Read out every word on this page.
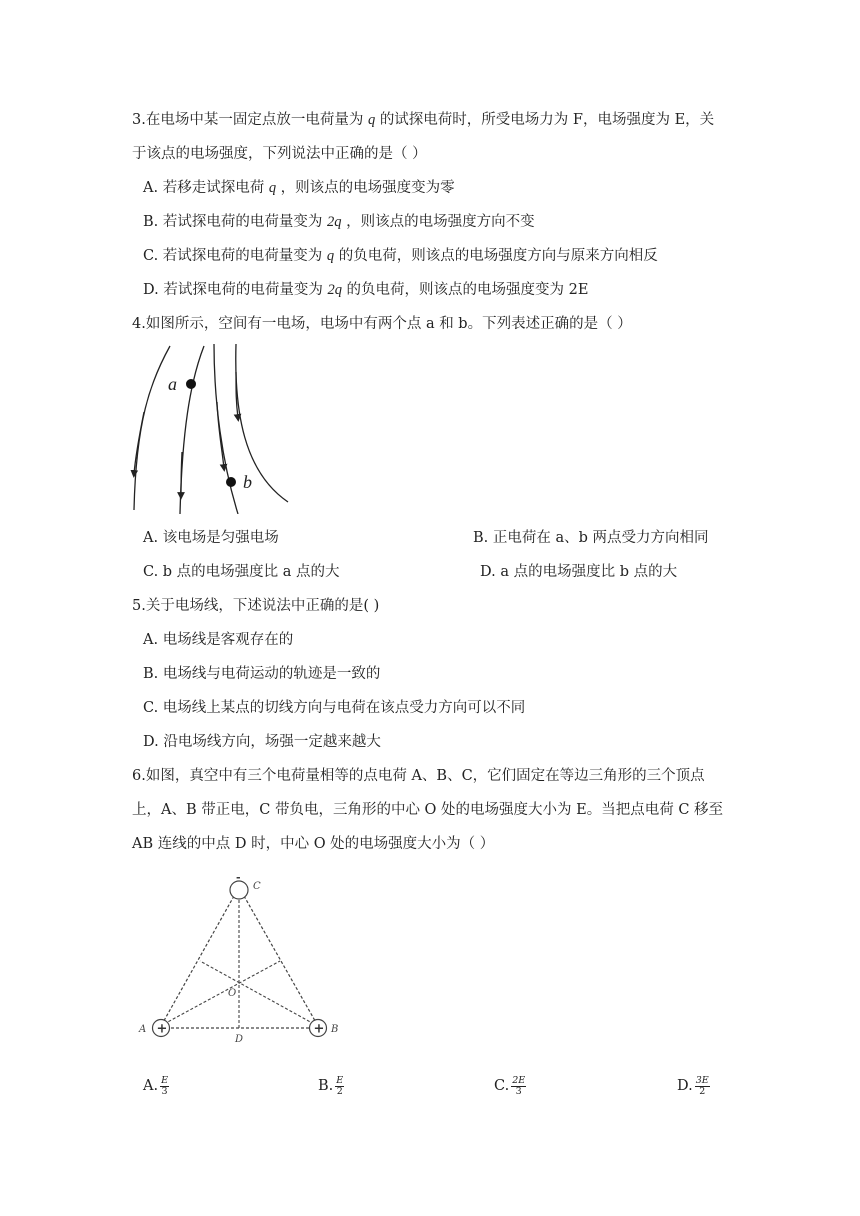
3.在电场中某一固定点放一电荷量为 q 的试探电荷时，所受电场力为 F，电场强度为 E，关
于该点的电场强度，下列说法中正确的是（ ）
A. 若移走试探电荷 q ，则该点的电场强度变为零
B. 若试探电荷的电荷量变为 2q ，则该点的电场强度方向不变
C. 若试探电荷的电荷量变为 q 的负电荷，则该点的电场强度方向与原来方向相反
D. 若试探电荷的电荷量变为 2q 的负电荷，则该点的电场强度变为 2E
4.如图所示，空间有一电场，电场中有两个点 a 和 b。下列表述正确的是（ ）
a
b
A. 该电场是匀强电场	B. 正电荷在 a、b 两点受力方向相同
C. b 点的电场强度比 a 点的大	D. a 点的电场强度比 b 点的大
5.关于电场线，下述说法中正确的是( )
A. 电场线是客观存在的
B. 电场线与电荷运动的轨迹是一致的
C. 电场线上某点的切线方向与电荷在该点受力方向可以不同
D. 沿电场线方向，场强一定越来越大
6.如图，真空中有三个电荷量相等的点电荷 A、B、C，它们固定在等边三角形的三个顶点
上，A、B 带正电，C 带负电，三角形的中心 O 处的电场强度大小为 E。当把点电荷 C 移至
AB 连线的中点 D 时，中心 O 处的电场强度大小为（ ）
-
C
+
A	+ B
O
D
A. $\frac{E}{3}$	B. $\frac{E}{2}$	C. $\frac{2E}{3}$	D. $\frac{3E}{2}$
